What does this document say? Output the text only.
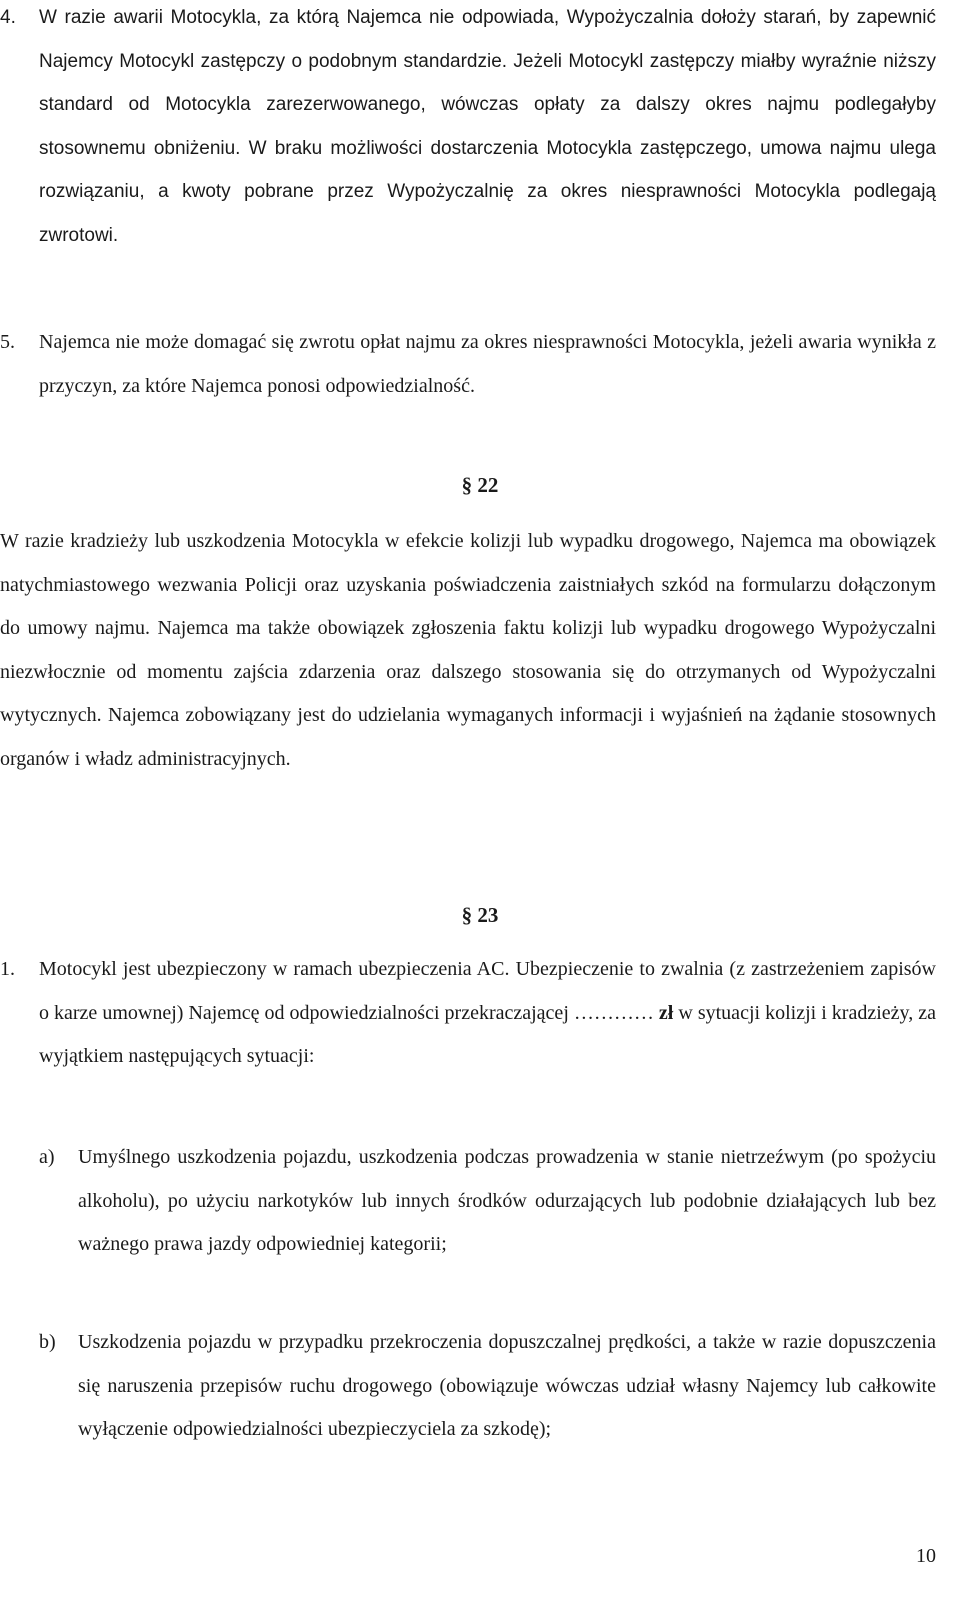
4. W razie awarii Motocykla, za którą Najemca nie odpowiada, Wypożyczalnia dołoży starań, by zapewnić Najemcy Motocykl zastępczy o podobnym standardzie. Jeżeli Motocykl zastępczy miałby wyraźnie niższy standard od Motocykla zarezerwowanego, wówczas opłaty za dalszy okres najmu podlegałyby stosownemu obniżeniu. W braku możliwości dostarczenia Motocykla zastępczego, umowa najmu ulega rozwiązaniu, a kwoty pobrane przez Wypożyczalnię za okres niesprawności Motocykla podlegają zwrotowi.
5. Najemca nie może domagać się zwrotu opłat najmu za okres niesprawności Motocykla, jeżeli awaria wynikła z przyczyn, za które Najemca ponosi odpowiedzialność.
§ 22
W razie kradzieży lub uszkodzenia Motocykla w efekcie kolizji lub wypadku drogowego, Najemca ma obowiązek natychmiastowego wezwania Policji oraz uzyskania poświadczenia zaistniałych szkód na formularzu dołączonym do umowy najmu. Najemca ma także obowiązek zgłoszenia faktu kolizji lub wypadku drogowego Wypożyczalni niezwłocznie od momentu zajścia zdarzenia oraz dalszego stosowania się do otrzymanych od Wypożyczalni wytycznych. Najemca zobowiązany jest do udzielania wymaganych informacji i wyjaśnień na żądanie stosownych organów i władz administracyjnych.
§ 23
1. Motocykl jest ubezpieczony w ramach ubezpieczenia AC. Ubezpieczenie to zwalnia (z zastrzeżeniem zapisów o karze umownej) Najemcę od odpowiedzialności przekraczającej ………… zł w sytuacji kolizji i kradzieży, za wyjątkiem następujących sytuacji:
a) Umyślnego uszkodzenia pojazdu, uszkodzenia podczas prowadzenia w stanie nietrzeźwym (po spożyciu alkoholu), po użyciu narkotyków lub innych środków odurzających lub podobnie działających lub bez ważnego prawa jazdy odpowiedniej kategorii;
b) Uszkodzenia pojazdu w przypadku przekroczenia dopuszczalnej prędkości, a także w razie dopuszczenia się naruszenia przepisów ruchu drogowego (obowiązuje wówczas udział własny Najemcy lub całkowite wyłączenie odpowiedzialności ubezpieczyciela za szkodę);
10
